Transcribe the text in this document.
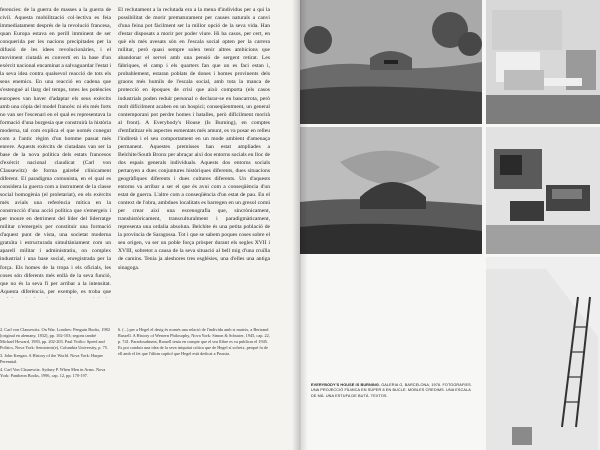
ferencies: de la guerra de masses a la guerra de civil. Aquesta mobilització col·lectiva es feia immediatament després de la revolució francesa, quan Europa estava en perill imminent de ser conquerida per les nacions precipitades per la difusió de les idees revolucionàries, i el moviment ciutadà es convertí en la base d'un exèrcit nacional encaminat a salvaguardar l'estat i la seva idea contra qualsevol reacció de tots els seus enemics. En una reacció en cadena que s'estengué al llarg del temps, totes les potències europees van haver d'adaptar els seus exèrcits amb una còpia del model francès: ni els més forts no van ser l'escenari en el qual es representava la formació d'una burgesia que construirà la història moderna, tal com explica el que només conegut com a l'antic règim d'un homme passat més enrere. Aquests exèrcits de ciutadans van ser la base de la nova política dels estats francesos d'exèrcit nacional claudicat (Carl von Clausewitz) de forma gairebé clínicament diferent. El paradigma comunista, en el qual es considera la guerra com a instrument de la classe social homogènia (el proletariat), en els exèrcits més avials una referència mítica en la construcció d'una acció política que s'emergeix i per moure en detriment del líder del liderratge militar n'emergeix per constituir una formació d'aquest punt de vista, una societat moderna gratuïta i estructurada simultàniament com un aparell militar i administratiu, on complex industrial i una base social, enregistrada per la força. Els homes de la tropa i els oficials, les coses són diferents més enllà de la seva funció, que no és la seva fi per arribar a la intensitat. Aquesta diferència, per exemple, es troba que

El reclutament a la reclutada era a la mena d'individus per a qui la possibilitat de morir prematurament per causes naturals a canvi d'una feina pot fàcilment ser la millor opció de la seva vida. Han d'estar disposats a morir per poder viure. Hi ha casos, per cert, en què els més avesats són en l'escala social opten per la carrera militar, però quasi sempre solen tenir altres ambicions que abandonar el servei amb una pensió de sergent retirat. Les fàbriques, el camp i els quarters fan que un es faci estan i, probablement, estaran poblats de dones i homes provinents dels graons més humils de l'escala social, amb tota la manca de protecció en èpoques de crisi que això comporta (els casos industrials poden reduir personal o declarar-se en bancarrota, però molt difícilment acaben en un hospici; conseqüentment, un general contemporani pot perdre homes i batalles, però difícilment morirà al front). A Everybody's House (Is Burning), en comptes d'emfatitzar els aspectes esmentats més amunt, es va posar en relleu l'indiretà i el seu comportament en un mode ambient d'amenaça permanent. Aquestes premisses han estat ampliades a Belchite/South Bronx per abraçar així dos entorns socials en lloc de dos espais generals individuals. Aquests dos entorns socials pertanyen a dues conjuntures històriques diferents, dues situacions geogràfiques diferents i dues cultures diferents. Un d'aquests entorns va arribar a ser el que és avui com a conseqüència d'un estat de guerra. L'altre com a conseqüència d'un estat de pau. En el context de l'obra, ambdues localitats es barregen en un gresol comú per crear així una escenografia que, sincrònicament, transhistòricament, transculturalment i paradigmàticament, representa una ordalia absoluta. Belchite és una petita població de la província de Saragossa. Tot i que se sabem poques coses sobre el seu origen, va ser un poble força pròsper durant els segles XVII i XVIII, sobretot a causa de la seva situació al bell mig d'una cruïlla de camins. Tenia ja aleshores tres esglésies, una d'elles una antiga sinagoga.

2. Carl von Clausewitz. On War. Londres: Penguin Books, 1982 [original en alemany, 1832], pp. 102-103; segons també Michael Howard, 1983, pp. 202-203. Paul Virilio: Speed and Politics, Nova York: Semiotext(e), Columbia University, p. 75.

3. John Keegan. A History of the World. Nova York: Harper Perennial.

4. Carl Von Clausewitz. Sydney P. When Men in Arms. Nova York: Pantheon Books, 1996, cap. 12, pp. 170-197.

6. (...) per a Hegel el desig és només una relació de l'individu amb si mateix, a Bertrand Russell. A History of Western Philosophy, Nova York: Simon & Schuster, 1945, cap. 22, p. 741. Paradoxalment, Russell tenia en compte que el seu llibre es va publicar el 1945. Es pot conduir una idea de la seva iniquitat crítica que de Hegel sí sofreix, perquè fa de ell amb el fet que l'últim capítol que Hegel està dedicat a Prussia.

EVERYBODY'S HOUSE IS BURNING. GALERIA G, BARCELONA, 1976. FOTOGRAFIES. UNA PROJECCIÓ FÍLMICA EN SÚPER 8 EN BUCLE. MOBLES CREDIMS. UNA ESCALA DE MÀ. UNA ESTUFA DE BUTÀ. TEXTOS.
